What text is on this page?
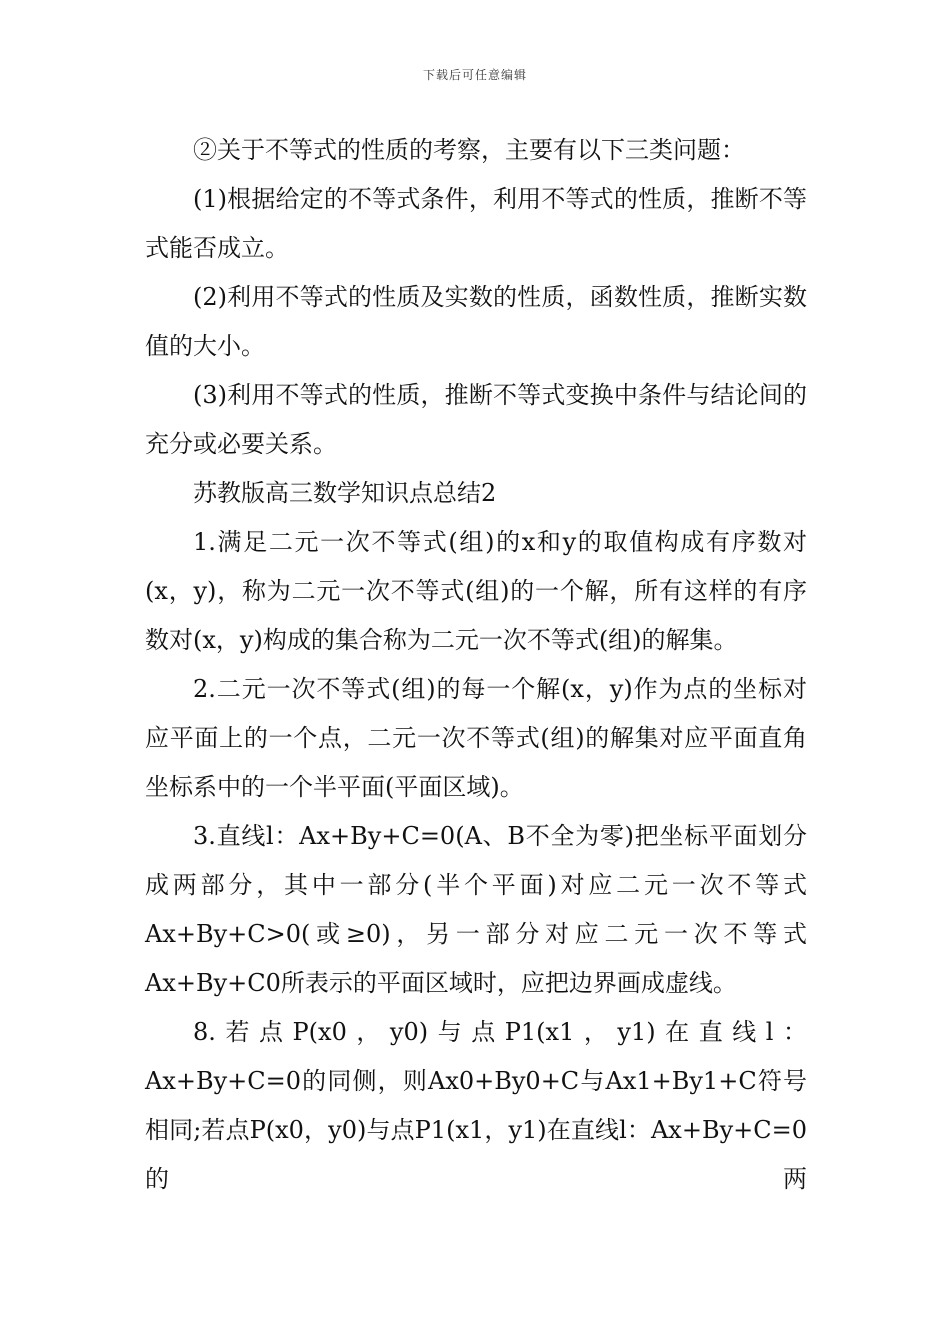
下载后可任意编辑

②关于不等式的性质的考察，主要有以下三类问题：

(1)根据给定的不等式条件，利用不等式的性质，推断不等式能否成立。

(2)利用不等式的性质及实数的性质，函数性质，推断实数值的大小。

(3)利用不等式的性质，推断不等式变换中条件与结论间的充分或必要关系。

苏教版高三数学知识点总结2

1.满足二元一次不等式(组)的x和y的取值构成有序数对(x，y)，称为二元一次不等式(组)的一个解，所有这样的有序数对(x，y)构成的集合称为二元一次不等式(组)的解集。

2.二元一次不等式(组)的每一个解(x，y)作为点的坐标对应平面上的一个点，二元一次不等式(组)的解集对应平面直角坐标系中的一个半平面(平面区域)。

3.直线l：Ax+By+C=0(A、B不全为零)把坐标平面划分成两部分，其中一部分(半个平面)对应二元一次不等式Ax+By+C>0(或≥0)，另一部分对应二元一次不等式Ax+By+C0所表示的平面区域时，应把边界画成虚线。

8.若点P(x0，y0)与点P1(x1，y1)在直线l：Ax+By+C=0的同侧，则Ax0+By0+C与Ax1+By1+C符号相同;若点P(x0，y0)与点P1(x1，y1)在直线l：Ax+By+C=0的两
